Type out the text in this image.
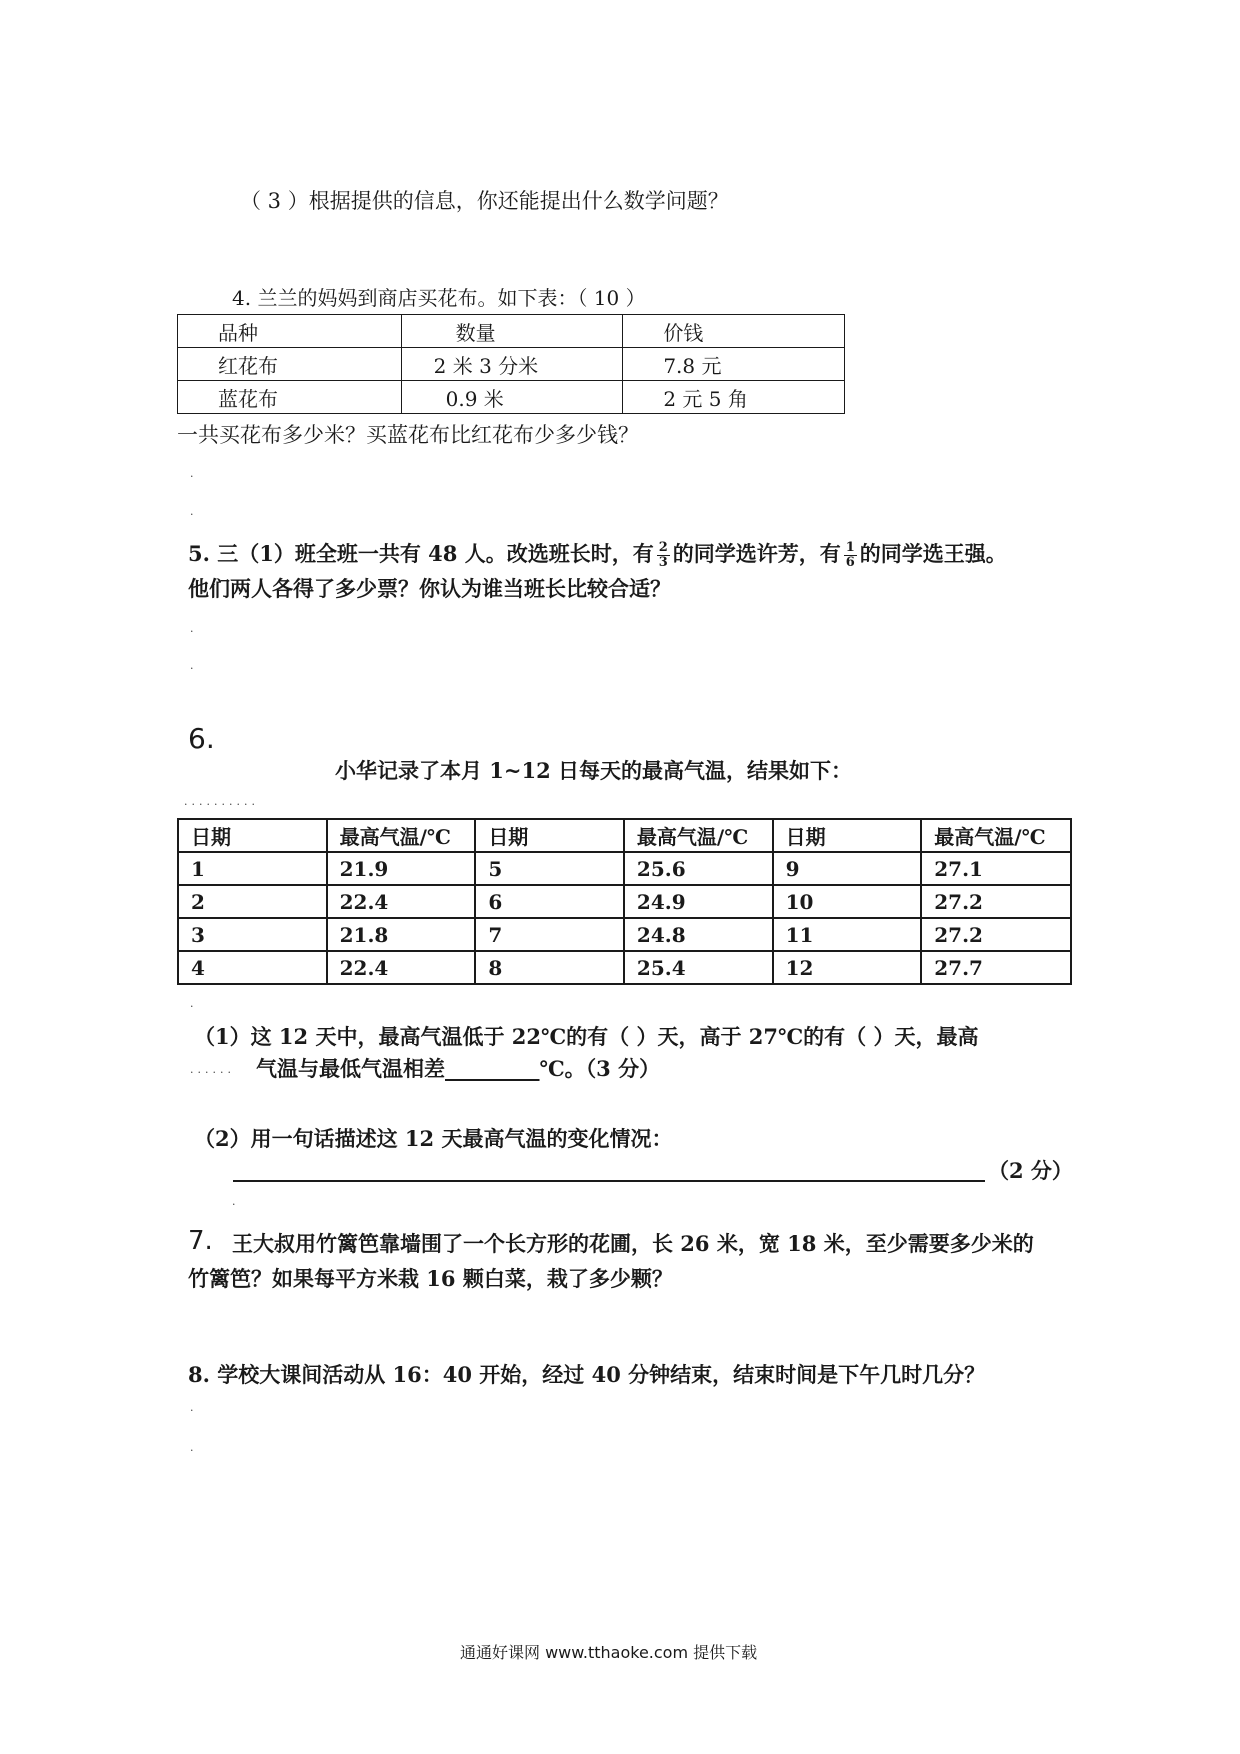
（ 3 ）根据提供的信息，你还能提出什么数学问题？
4. 兰兰的妈妈到商店买花布。如下表：（ 10 ）
品种	数量	价钱
红花布	2 米 3 分米	7.8 元
蓝花布	0.9 米	2 元 5 角
一共买花布多少米？买蓝花布比红花布少多少钱？
·
·
5. 三（1）班全班一共有 48 人。改选班长时，有 $\frac{2}{3}$ 的同学选许芳，有 $\frac{1}{6}$ 的同学选王强。
他们两人各得了多少票？你认为谁当班长比较合适？
·
·
6.
小华记录了本月 1~12 日每天的最高气温，结果如下：
··········
日期	最高气温/℃	日期	最高气温/℃	日期	最高气温/℃
1	21.9	5	25.6	9	27.1
2	22.4	6	24.9	10	27.2
3	21.8	7	24.8	11	27.2
4	22.4	8	25.4	12	27.7
·
（1）这 12 天中，最高气温低于 22℃的有（ ）天，高于 27℃的有（ ）天，最高
······ 气温与最低气温相差_________℃。（3 分）
（2）用一句话描述这 12 天最高气温的变化情况：
（2 分）
·
7. 王大叔用竹篱笆靠墙围了一个长方形的花圃，长 26 米，宽 18 米，至少需要多少米的
竹篱笆？如果每平方米栽 16 颗白菜，栽了多少颗？
8. 学校大课间活动从 16：40 开始，经过 40 分钟结束，结束时间是下午几时几分？
·
·
通通好课网 www.tthaoke.com 提供下载
